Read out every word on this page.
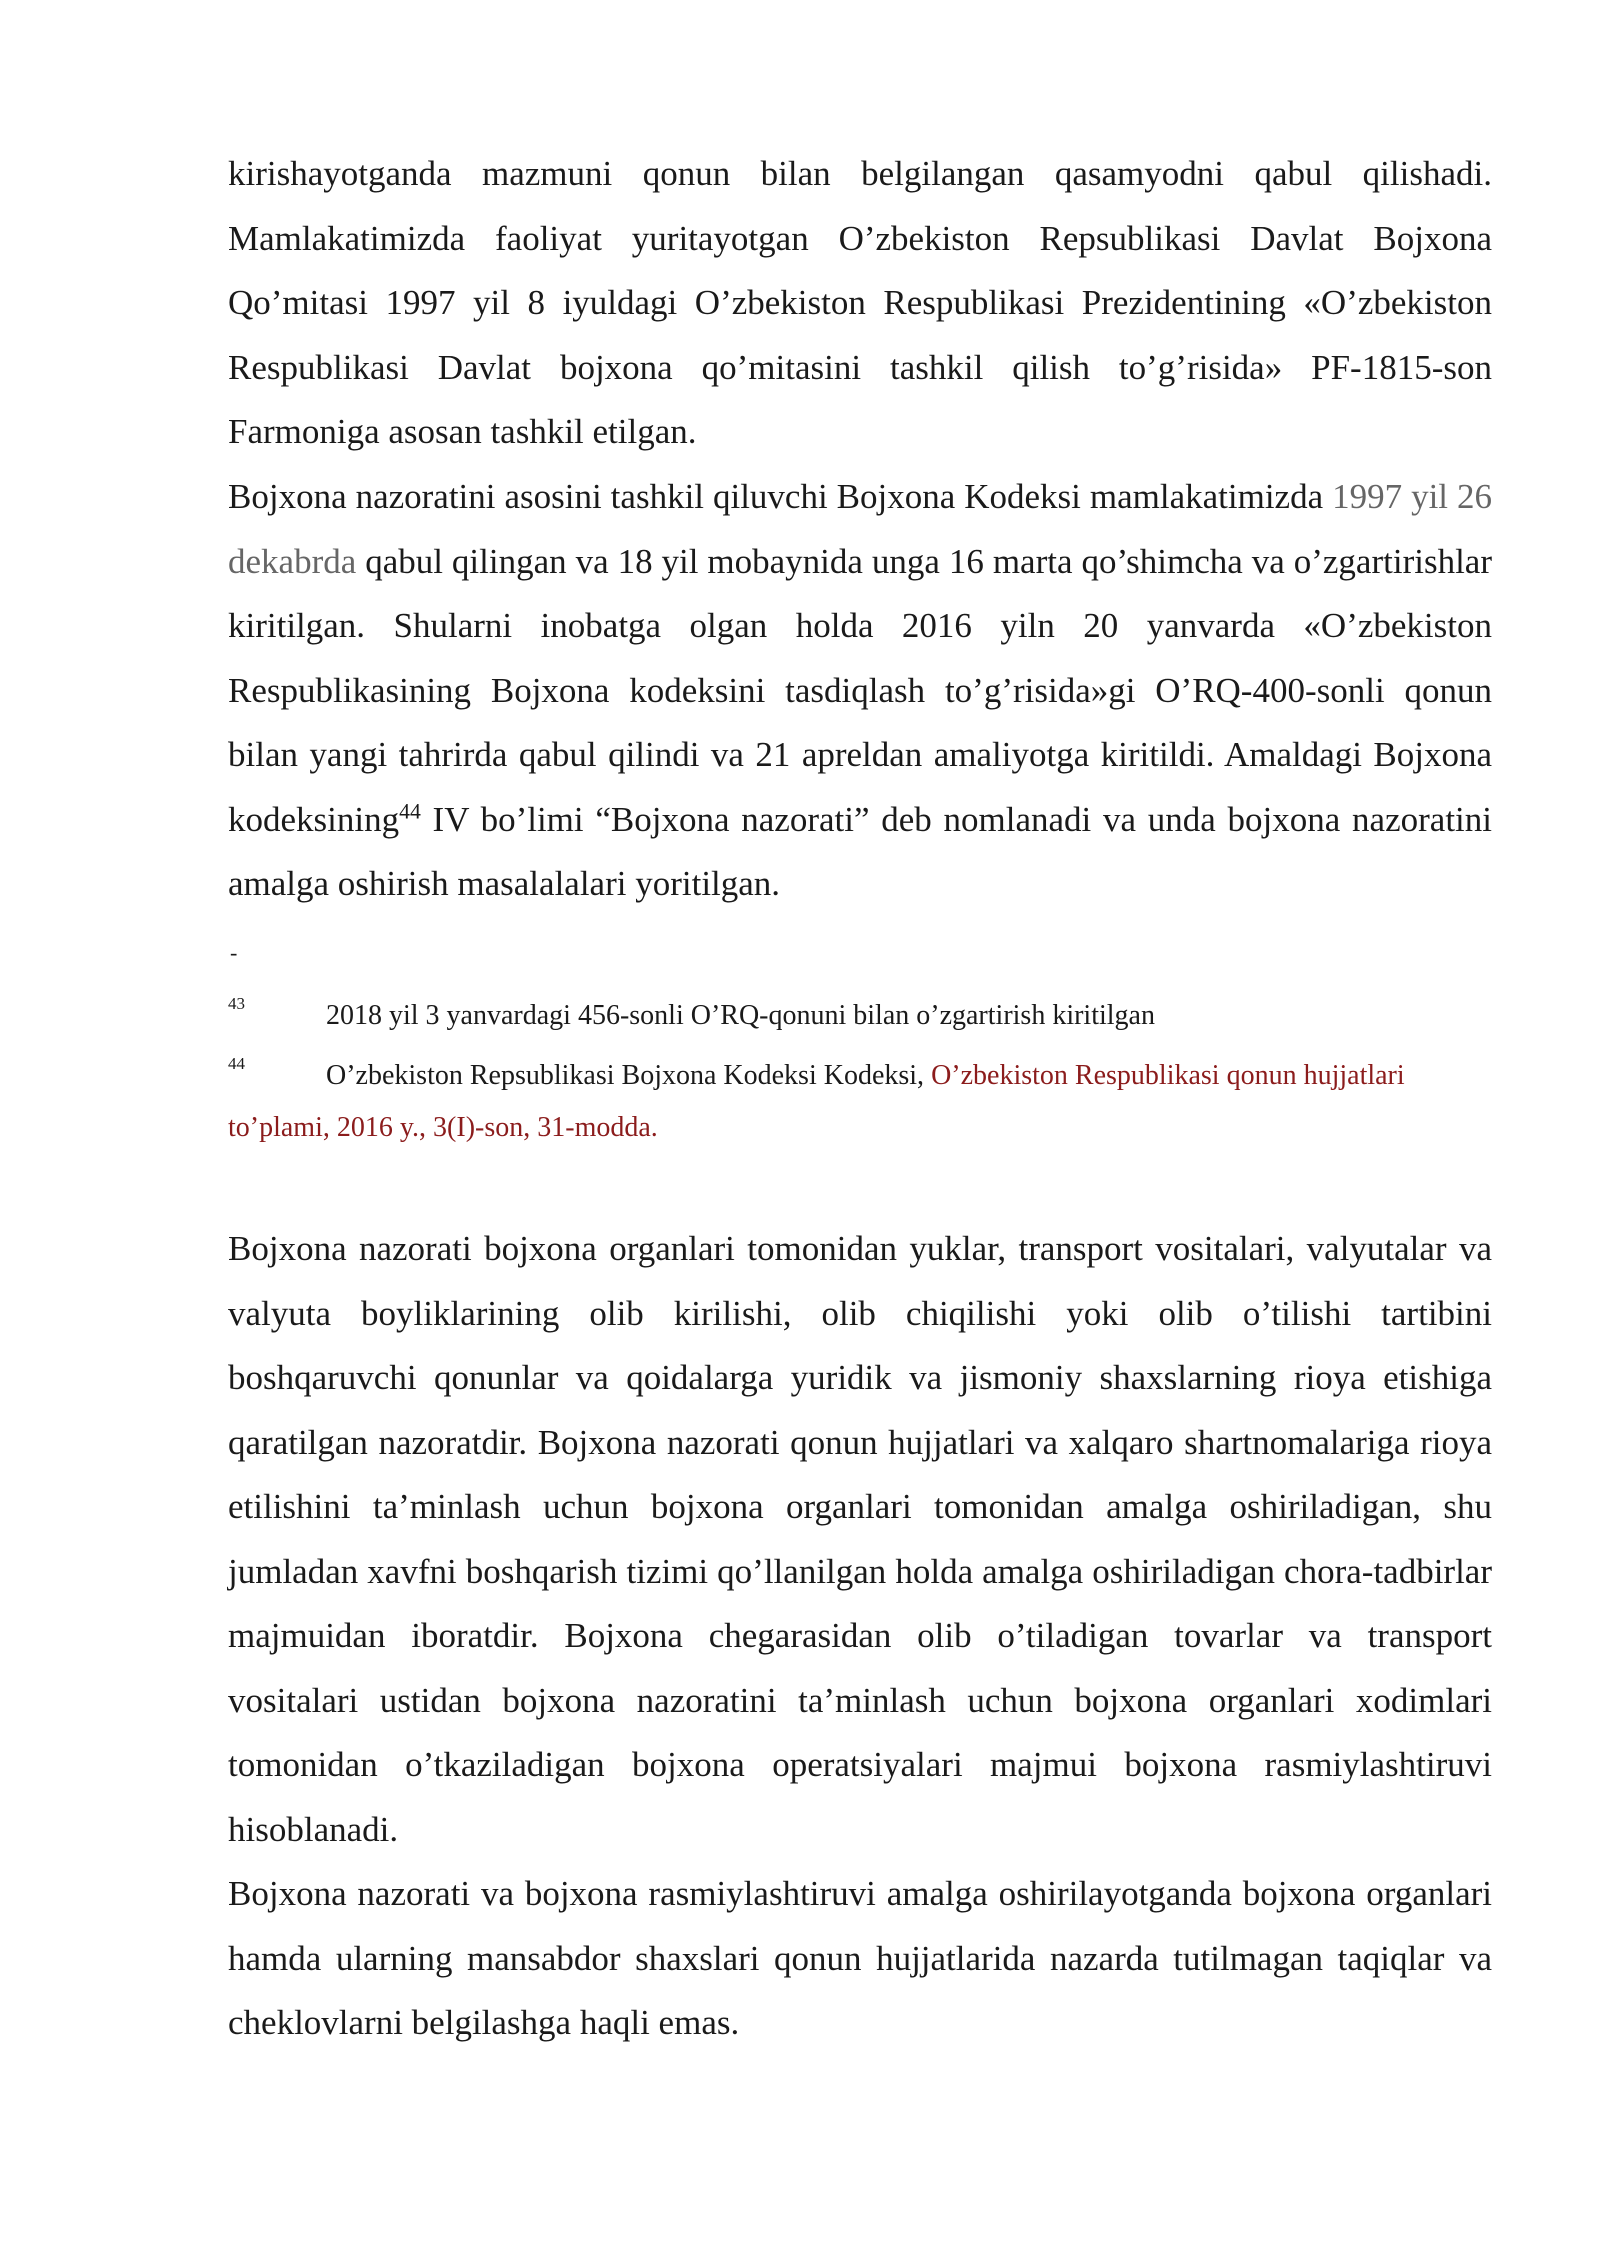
kirishayotganda mazmuni qonun bilan belgilangan qasamyodni qabul qilishadi. Mamlakatimizda faoliyat yuritayotgan O’zbekiston Repsublikasi Davlat Bojxona Qo’mitasi 1997 yil 8 iyuldagi O’zbekiston Respublikasi Prezidentining «O’zbekiston Respublikasi Davlat bojxona qo’mitasini tashkil qilish to’g’risida» PF-1815-son Farmoniga asosan tashkil etilgan.

Bojxona nazoratini asosini tashkil qiluvchi Bojxona Kodeksi mamlakatimizda 1997 yil 26 dekabrda qabul qilingan va 18 yil mobaynida unga 16 marta qo’shimcha va o’zgartirishlar kiritilgan. Shularni inobatga olgan holda 2016 yiln 20 yanvarda «O’zbekiston Respublikasining Bojxona kodeksini tasdiqlash to’g’risida»gi O’RQ-400-sonli qonun bilan yangi tahrirda qabul qilindi va 21 apreldan amaliyotga kiritildi. Amaldagi Bojxona kodeksining$^{44}$ IV bo’limi “Bojxona nazorati” deb nomlanadi va unda bojxona nazoratini amalga oshirish masalalalari yoritilgan.

-
43	2018 yil 3 yanvardagi 456-sonli O’RQ-qonuni bilan o’zgartirish kiritilgan
44	O’zbekiston Repsublikasi Bojxona Kodeksi Kodeksi, O’zbekiston Respublikasi qonun hujjatlari to’plami, 2016 y., 3(I)-son, 31-modda.

Bojxona nazorati bojxona organlari tomonidan yuklar, transport vositalari, valyutalar va valyuta boyliklarining olib kirilishi, olib chiqilishi yoki olib o’tilishi tartibini boshqaruvchi qonunlar va qoidalarga yuridik va jismoniy shaxslarning rioya etishiga qaratilgan nazoratdir. Bojxona nazorati qonun hujjatlari va xalqaro shartnomalariga rioya etilishini ta’minlash uchun bojxona organlari tomonidan amalga oshiriladigan, shu jumladan xavfni boshqarish tizimi qo’llanilgan holda amalga oshiriladigan chora-tadbirlar majmuidan iboratdir. Bojxona chegarasidan olib o’tiladigan tovarlar va transport vositalari ustidan bojxona nazoratini ta’minlash uchun bojxona organlari xodimlari tomonidan o’tkaziladigan bojxona operatsiyalari majmui bojxona rasmiylashtiruvi hisoblanadi.

Bojxona nazorati va bojxona rasmiylashtiruvi amalga oshirilayotganda bojxona organlari hamda ularning mansabdor shaxslari qonun hujjatlarida nazarda tutilmagan taqiqlar va cheklovlarni belgilashga haqli emas.
